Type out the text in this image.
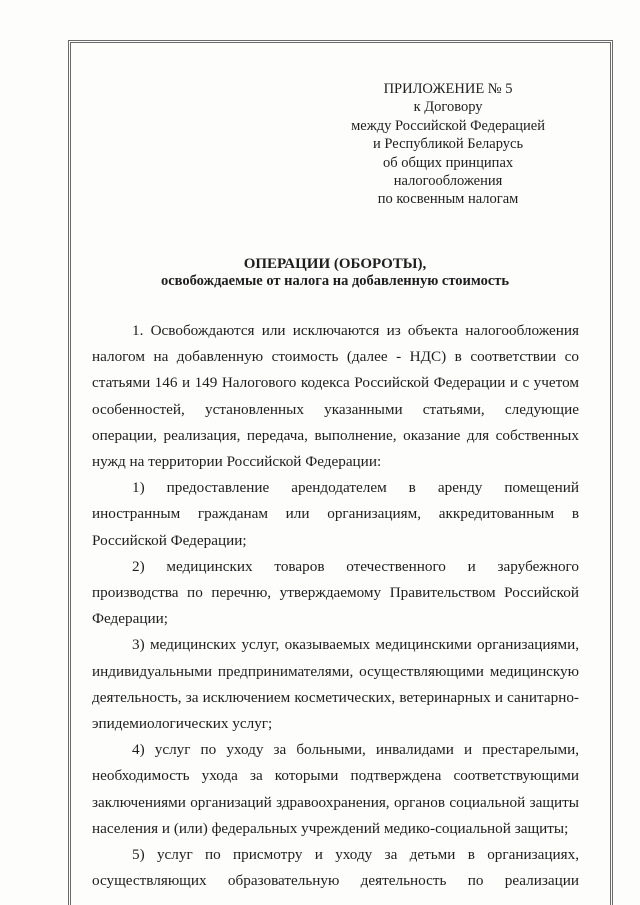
ПРИЛОЖЕНИЕ № 5
к Договору
между Российской Федерацией
и Республикой Беларусь
об общих принципах
налогообложения
по косвенным налогам
ОПЕРАЦИИ (ОБОРОТЫ),
освобождаемые от налога на добавленную стоимость

1. Освобождаются или исключаются из объекта налогообложения налогом на добавленную стоимость (далее - НДС) в соответствии со статьями 146 и 149 Налогового кодекса Российской Федерации и с учетом особенностей, установленных указанными статьями, следующие операции, реализация, передача, выполнение, оказание для собственных нужд на территории Российской Федерации:

1) предоставление арендодателем в аренду помещений иностранным гражданам или организациям, аккредитованным в Российской Федерации;

2) медицинских товаров отечественного и зарубежного производства по перечню, утверждаемому Правительством Российской Федерации;

3) медицинских услуг, оказываемых медицинскими организациями, индивидуальными предпринимателями, осуществляющими медицинскую деятельность, за исключением косметических, ветеринарных и санитарно-эпидемиологических услуг;

4) услуг по уходу за больными, инвалидами и престарелыми, необходимость ухода за которыми подтверждена соответствующими заключениями организаций здравоохранения, органов социальной защиты населения и (или) федеральных учреждений медико-социальной защиты;

5) услуг по присмотру и уходу за детьми в организациях, осуществляющих образовательную деятельность по реализации
